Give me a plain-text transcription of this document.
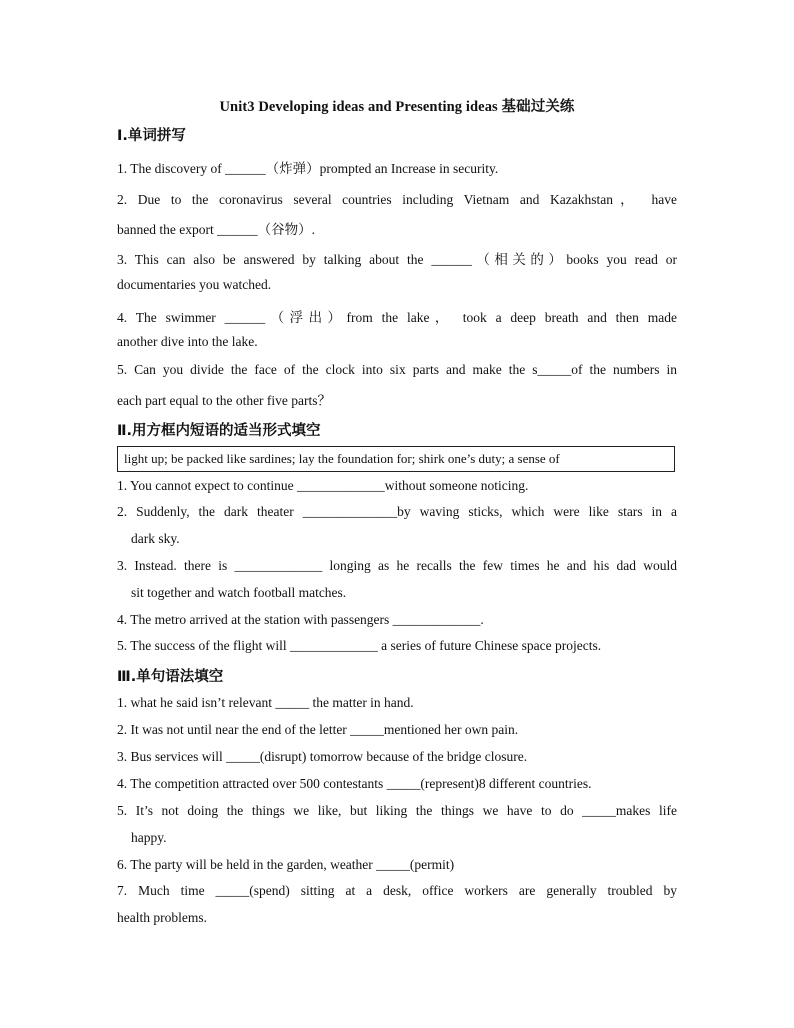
Unit3 Developing ideas and Presenting ideas 基础过关练
Ⅰ.单词拼写
1. The discovery of ______（炸弹）prompted an Increase in security.
2. Due to the coronavirus several countries including Vietnam and Kazakhstan， have
banned the export ______（谷物）.
3. This can also be answered by talking about the ______（相关的）books you read or
documentaries you watched.
4. The swimmer ______（浮出）from the lake， took a deep breath and then made
another dive into the lake.
5. Can you divide the face of the clock into six parts and make the s_____of the numbers in
each part equal to the other five parts？
Ⅱ.用方框内短语的适当形式填空
light up; be packed like sardines; lay the foundation for; shirk one’s duty; a sense of
1. You cannot expect to continue _____________without someone noticing.
2. Suddenly, the dark theater ______________by waving sticks, which were like stars in a
dark sky.
3. Instead. there is _____________ longing as he recalls the few times he and his dad would
sit together and watch football matches.
4. The metro arrived at the station with passengers _____________.
5. The success of the flight will _____________ a series of future Chinese space projects.
Ⅲ.单句语法填空
1. what he said isn’t relevant _____ the matter in hand.
2. It was not until near the end of the letter _____mentioned her own pain.
3. Bus services will _____(disrupt) tomorrow because of the bridge closure.
4. The competition attracted over 500 contestants _____(represent)8 different countries.
5. It’s not doing the things we like, but liking the things we have to do _____makes life
happy.
6. The party will be held in the garden, weather _____(permit)
7. Much time _____(spend) sitting at a desk, office workers are generally troubled by
health problems.
